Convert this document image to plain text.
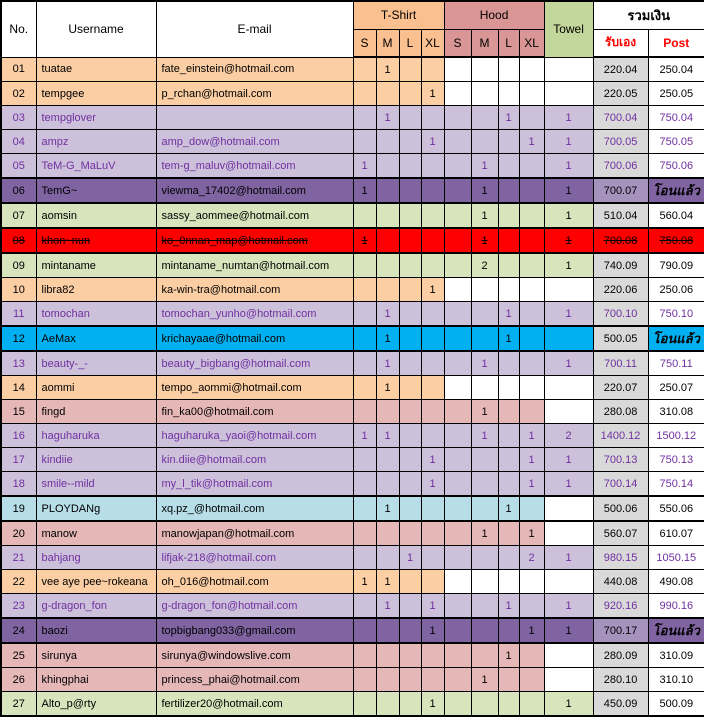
No.	Username	E-mail	T-Shirt				Hood				Towel	รวมเงิน	
			S	M	L	XL	S	M	L	XL		รับเอง	Post
01	tuatae	fate_einstein@hotmail.com		1								220.04	250.04
02	tempgee	p_rchan@hotmail.com				1						220.05	250.05
03	tempglover			1					1		1	700.04	750.04
04	ampz	amp_dow@hotmail.com				1				1	1	700.05	750.05
05	TeM-G_MaLuV	tem-g_maluv@hotmail.com	1					1			1	700.06	750.06
06	TemG~	viewma_17402@hotmail.com	1					1			1	700.07	โอนแล้ว
07	aomsin	sassy_aommee@hotmail.com						1			1	510.04	560.04
08	khon~nun	ko_0nnan_map@hotmail.com	1					1			1	700.08	750.08
09	mintaname	mintaname_numtan@hotmail.com						2			1	740.09	790.09
10	libra82	ka-win-tra@hotmail.com				1						220.06	250.06
11	tomochan	tomochan_yunho@hotmail.com		1					1		1	700.10	750.10
12	AeMax	krichayaae@hotmail.com		1					1			500.05	โอนแล้ว
13	beauty-_-	beauty_bigbang@hotmail.com		1				1			1	700.11	750.11
14	aommi	tempo_aommi@hotmail.com		1								220.07	250.07
15	fingd	fin_ka00@hotmail.com						1				280.08	310.08
16	haguharuka	haguharuka_yaoi@hotmail.com	1	1				1		1	2	1400.12	1500.12
17	kindiie	kin.diie@hotmail.com				1				1	1	700.13	750.13
18	smile--mild	my_l_tik@hotmail.com				1				1	1	700.14	750.14
19	PLOYDANg	xq.pz_@hotmail.com		1					1			500.06	550.06
20	manow	manowjapan@hotmail.com						1		1		560.07	610.07
21	bahjang	lifjak-218@hotmail.com			1					2	1	980.15	1050.15
22	vee aye pee~rokeana	oh_016@hotmail.com	1	1								440.08	490.08
23	g-dragon_fon	g-dragon_fon@hotmail.com		1		1			1		1	920.16	990.16
24	baozi	topbigbang033@gmail.com				1				1	1	700.17	โอนแล้ว
25	sirunya	sirunya@windowslive.com							1			280.09	310.09
26	khingphai	princess_phai@hotmail.com						1				280.10	310.10
27	Alto_p@rty	fertilizer20@hotmail.com				1					1	450.09	500.09
